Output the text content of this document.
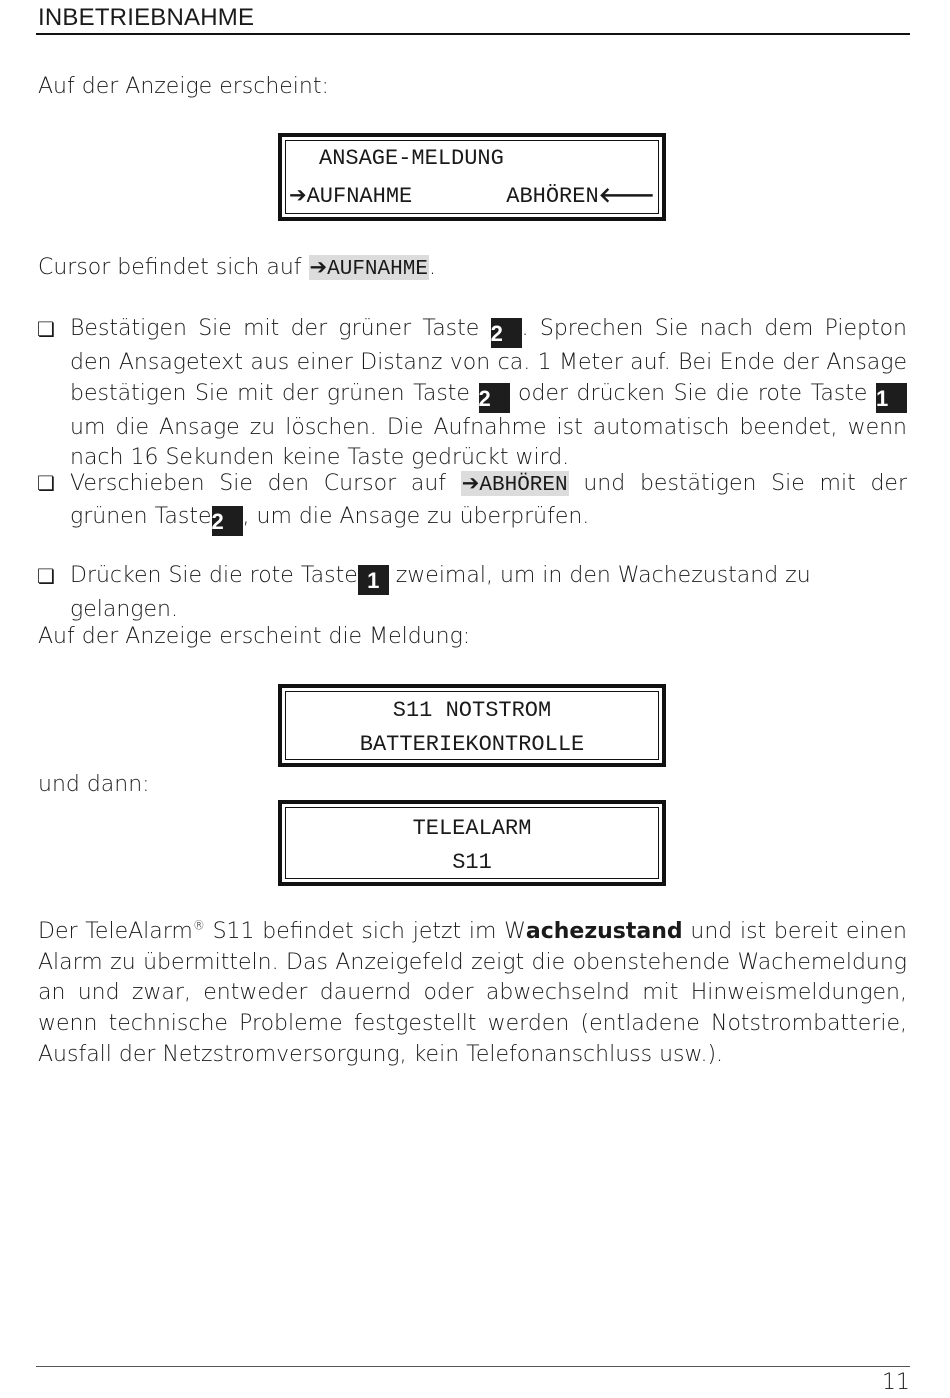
INBETRIEBNAHME
Auf der Anzeige erscheint:
ANSAGE-MELDUNG
➔AUFNAHME	ABHÖREN🡐
Cursor befindet sich auf ➔AUFNAHME.
❏ Bestätigen Sie mit der grüner Taste 2 . Sprechen Sie nach dem Piepton den Ansagetext aus einer Distanz von ca. 1 Meter auf. Bei Ende der Ansage bestätigen Sie mit der grünen Taste 2 oder drücken Sie die rote Taste 1 um die Ansage zu löschen. Die Aufnahme ist automatisch beendet, wenn nach 16 Sekunden keine Taste gedrückt wird.
❏ Verschieben Sie den Cursor auf ➔ABHÖREN und bestätigen Sie mit der grünen Taste2 , um die Ansage zu überprüfen.
❏ Drücken Sie die rote Taste 1 zweimal, um in den Wachezustand zu gelangen.
Auf der Anzeige erscheint die Meldung:
S11 NOTSTROM
BATTERIEKONTROLLE
und dann:
TELEALARM
S11
Der TeleAlarm® S11 befindet sich jetzt im Wachezustand und ist bereit einen Alarm zu übermitteln. Das Anzeigefeld zeigt die obenstehende Wachemeldung an und zwar, entweder dauernd oder abwechselnd mit Hinweismeldungen, wenn technische Probleme festgestellt werden (entladene Notstrombatterie, Ausfall der Netzstromversorgung, kein Telefonanschluss usw.).
11
